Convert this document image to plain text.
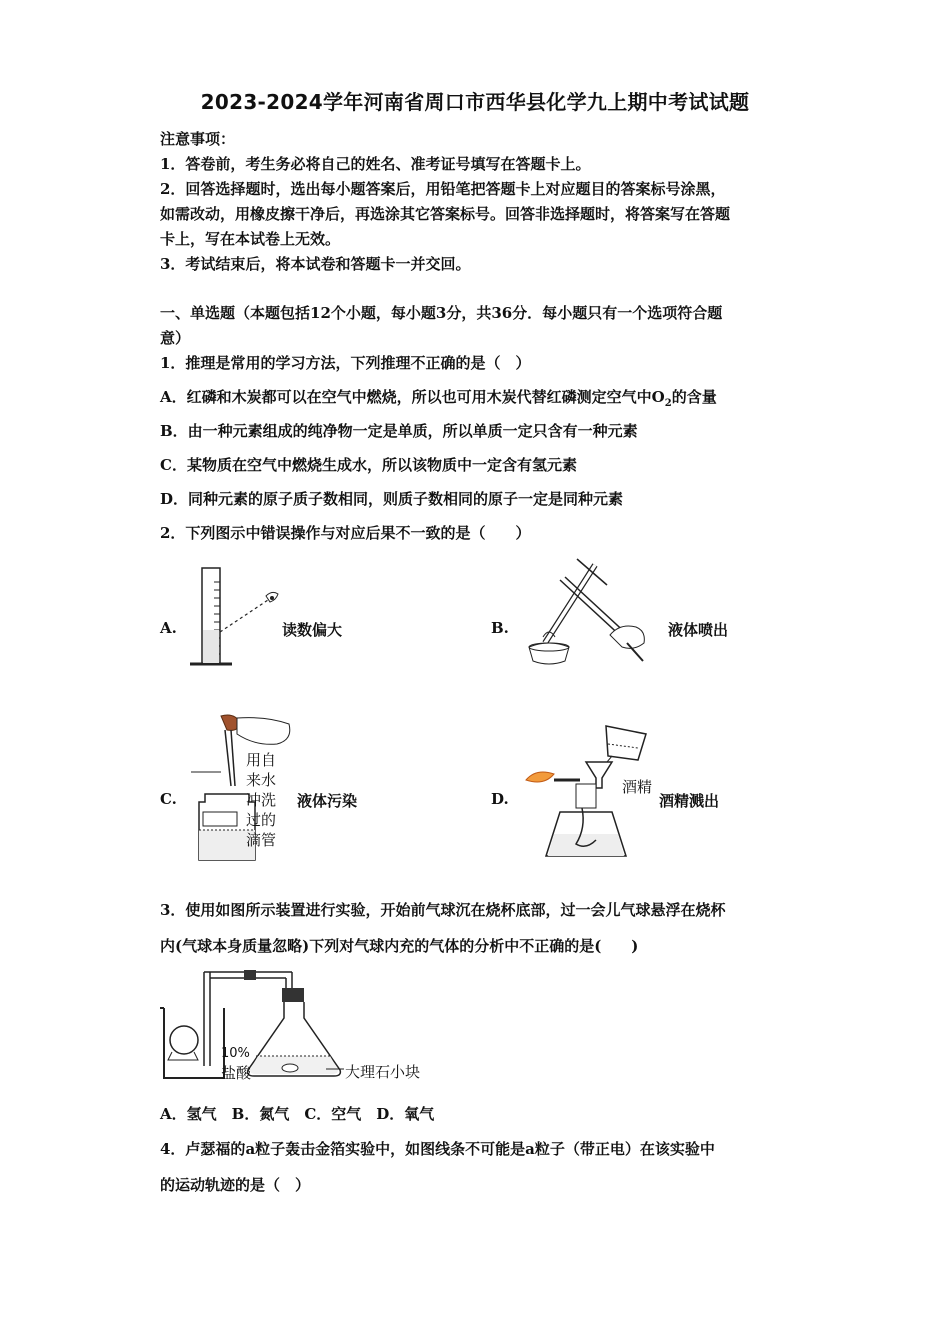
2023-2024学年河南省周口市西华县化学九上期中考试试题
注意事项：
1．答卷前，考生务必将自己的姓名、准考证号填写在答题卡上。
2．回答选择题时，选出每小题答案后，用铅笔把答题卡上对应题目的答案标号涂黑，
如需改动，用橡皮擦干净后，再选涂其它答案标号。回答非选择题时，将答案写在答题
卡上，写在本试卷上无效。
3．考试结束后，将本试卷和答题卡一并交回。
一、单选题（本题包括12个小题，每小题3分，共36分．每小题只有一个选项符合题
意）
1．推理是常用的学习方法，下列推理不正确的是（　）
A．红磷和木炭都可以在空气中燃烧，所以也可用木炭代替红磷测定空气中$O_2$的含量
B．由一种元素组成的纯净物一定是单质，所以单质一定只含有一种元素
C．某物质在空气中燃烧生成水，所以该物质中一定含有氢元素
D．同种元素的原子质子数相同，则质子数相同的原子一定是同种元素
2．下列图示中错误操作与对应后果不一致的是（　　）
A.	读数偏大	B.	液体喷出
C.
用自
来水
冲洗
过的
滴管
液体污染	D.
酒精
酒精溅出
3．使用如图所示装置进行实验，开始前气球沉在烧杯底部，过一会儿气球悬浮在烧杯
内(气球本身质量忽略)下列对气球内充的气体的分析中不正确的是(　　)
10%
盐酸	大理石小块
A．氢气　B．氮气　C．空气　D．氧气
4．卢瑟福的a粒子轰击金箔实验中，如图线条不可能是a粒子（带正电）在该实验中
的运动轨迹的是（　）
